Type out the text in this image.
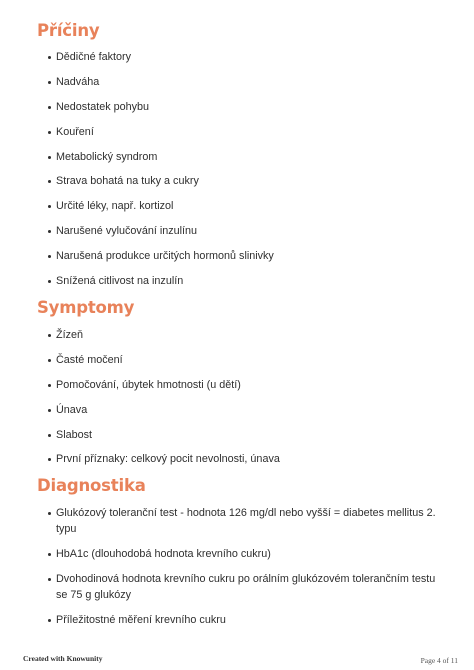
Příčiny
Dědičné faktory
Nadváha
Nedostatek pohybu
Kouření
Metabolický syndrom
Strava bohatá na tuky a cukry
Určité léky, např. kortizol
Narušené vylučování inzulínu
Narušená produkce určitých hormonů slinivky
Snížená citlivost na inzulín
Symptomy
Žízeň
Časté močení
Pomočování, úbytek hmotnosti (u dětí)
Únava
Slabost
První příznaky: celkový pocit nevolnosti, únava
Diagnostika
Glukózový toleranční test - hodnota 126 mg/dl nebo vyšší = diabetes mellitus 2. typu
HbA1c (dlouhodobá hodnota krevního cukru)
Dvohodinová hodnota krevního cukru po orálním glukózovém tolerančním testu se 75 g glukózy
Příležitostné měření krevního cukru
Created with Knowunity	Page 4 of 11
